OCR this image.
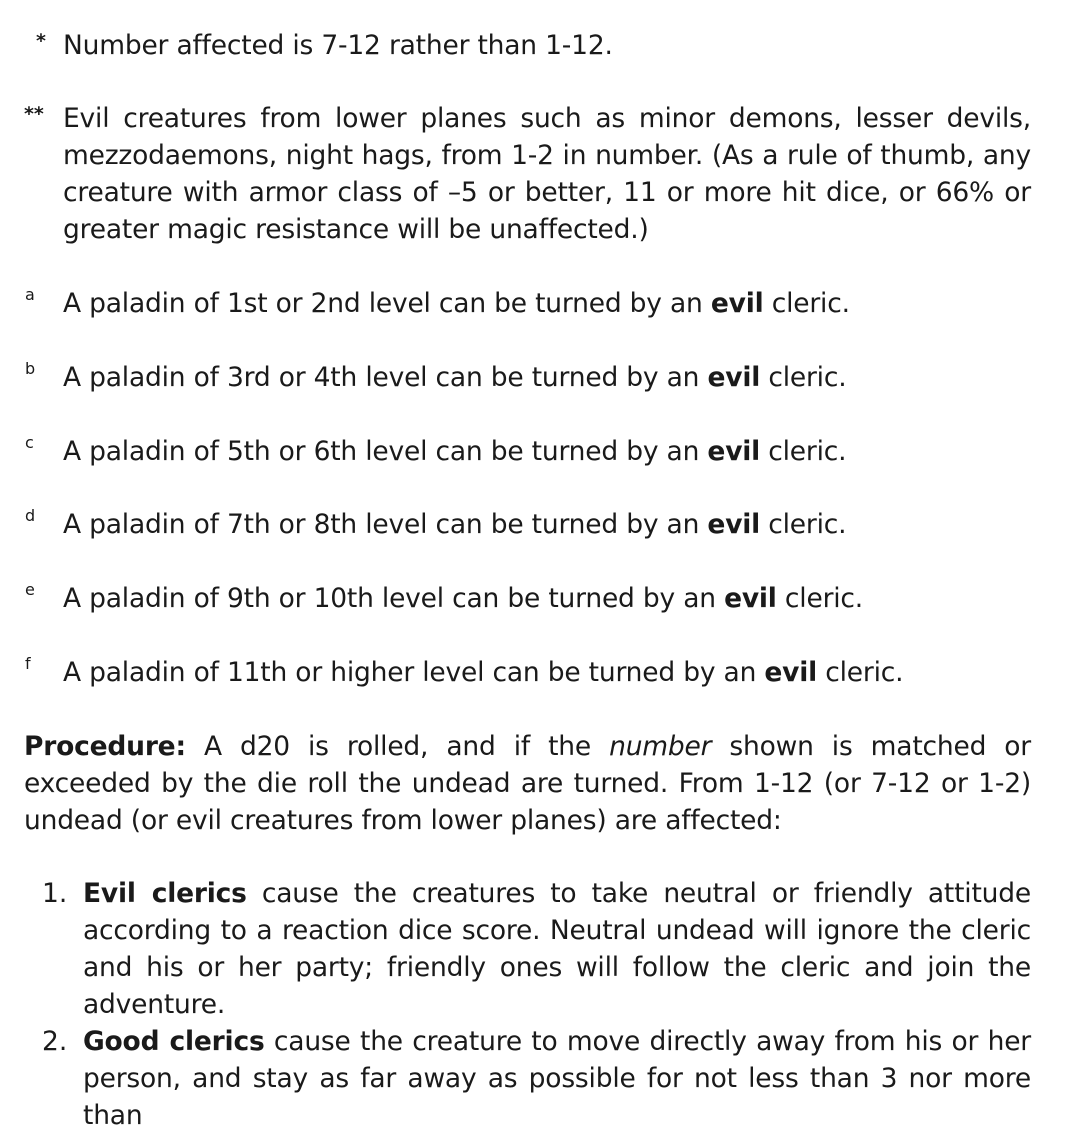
* Number affected is 7-12 rather than 1-12.
** Evil creatures from lower planes such as minor demons, lesser devils, mezzodaemons, night hags, from 1-2 in number. (As a rule of thumb, any creature with armor class of –5 or better, 11 or more hit dice, or 66% or greater magic resistance will be unaffected.)
a A paladin of 1st or 2nd level can be turned by an evil cleric.
b A paladin of 3rd or 4th level can be turned by an evil cleric.
c A paladin of 5th or 6th level can be turned by an evil cleric.
d A paladin of 7th or 8th level can be turned by an evil cleric.
e A paladin of 9th or 10th level can be turned by an evil cleric.
f A paladin of 11th or higher level can be turned by an evil cleric.
Procedure: A d20 is rolled, and if the number shown is matched or exceeded by the die roll the undead are turned. From 1-12 (or 7-12 or 1-2) undead (or evil creatures from lower planes) are affected:
1. Evil clerics cause the creatures to take neutral or friendly attitude according to a reaction dice score. Neutral undead will ignore the cleric and his or her party; friendly ones will follow the cleric and join the adventure.
2. Good clerics cause the creature to move directly away from his or her person, and stay as far away as possible for not less than 3 nor more than
